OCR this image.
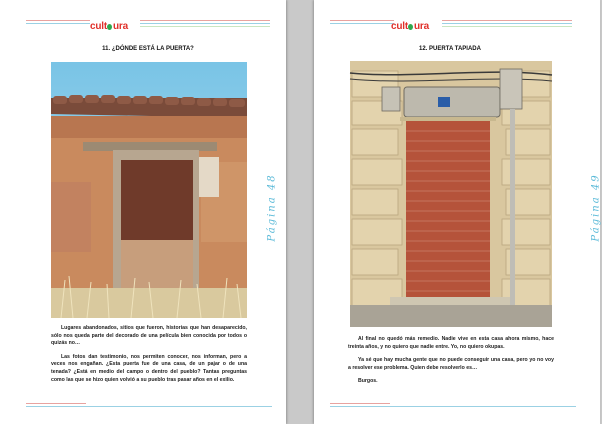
cult ura
11. ¿DÓNDE ESTÁ LA PUERTA?

Lugares abandonados, sitios que fueron, historias que han desaparecido, sólo nos queda parte del decorado de una película bien conocida por todos o quizás no…

Las fotos dan testimonio, nos permiten conocer, nos informan, pero a veces nos engañan. ¿Esta puerta fue de una casa, de un pajar o de una tenada? ¿Está en medio del campo o dentro del pueblo? Tantas preguntas como las que se hizo quien volvió a su pueblo tras pasar años en el exilio.

Página 48
cult ura
12. PUERTA TAPIADA

Al final no quedó más remedio. Nadie vive en esta casa ahora mismo, hace treinta años, y no quiero que nadie entre. Yo, no quiero okupas.

Ya sé que hay mucha gente que no puede conseguir una casa, pero yo no voy a resolver ese problema. Quien debe resolverlo es…

Burgos.

Página 49
